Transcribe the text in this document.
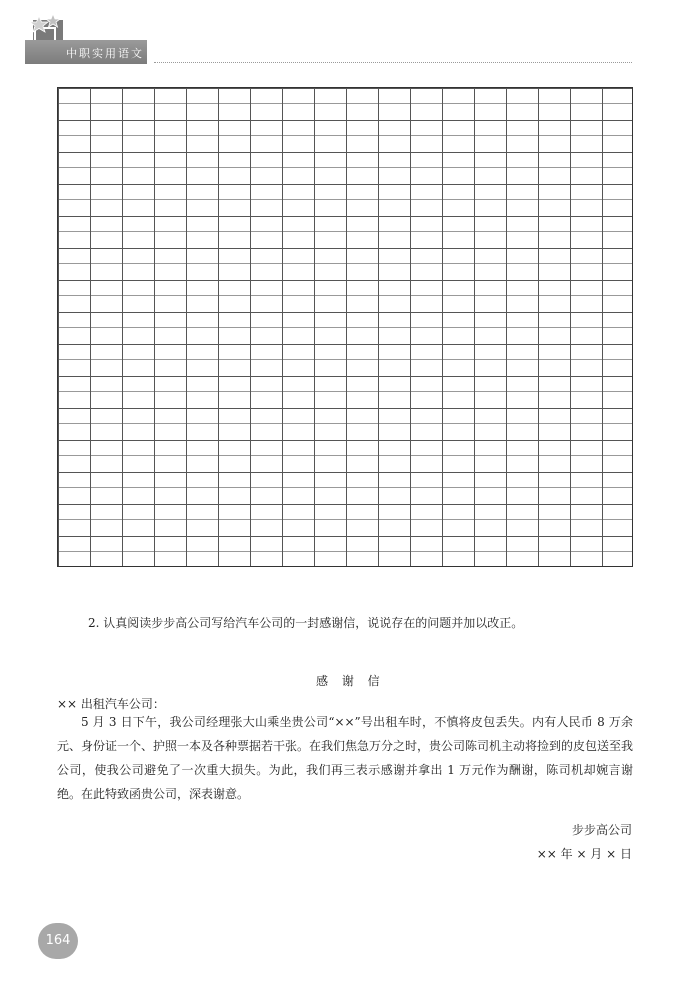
中职实用语文
2. 认真阅读步步高公司写给汽车公司的一封感谢信，说说存在的问题并加以改正。
感 谢 信
×× 出租汽车公司：

5 月 3 日下午，我公司经理张大山乘坐贵公司“××”号出租车时，不慎将皮包丢失。内有人民币 8 万余元、身份证一个、护照一本及各种票据若干张。在我们焦急万分之时，贵公司陈司机主动将捡到的皮包送至我公司，使我公司避免了一次重大损失。为此，我们再三表示感谢并拿出 1 万元作为酬谢，陈司机却婉言谢绝。在此特致函贵公司，深表谢意。

步步高公司
×× 年 × 月 × 日
164
